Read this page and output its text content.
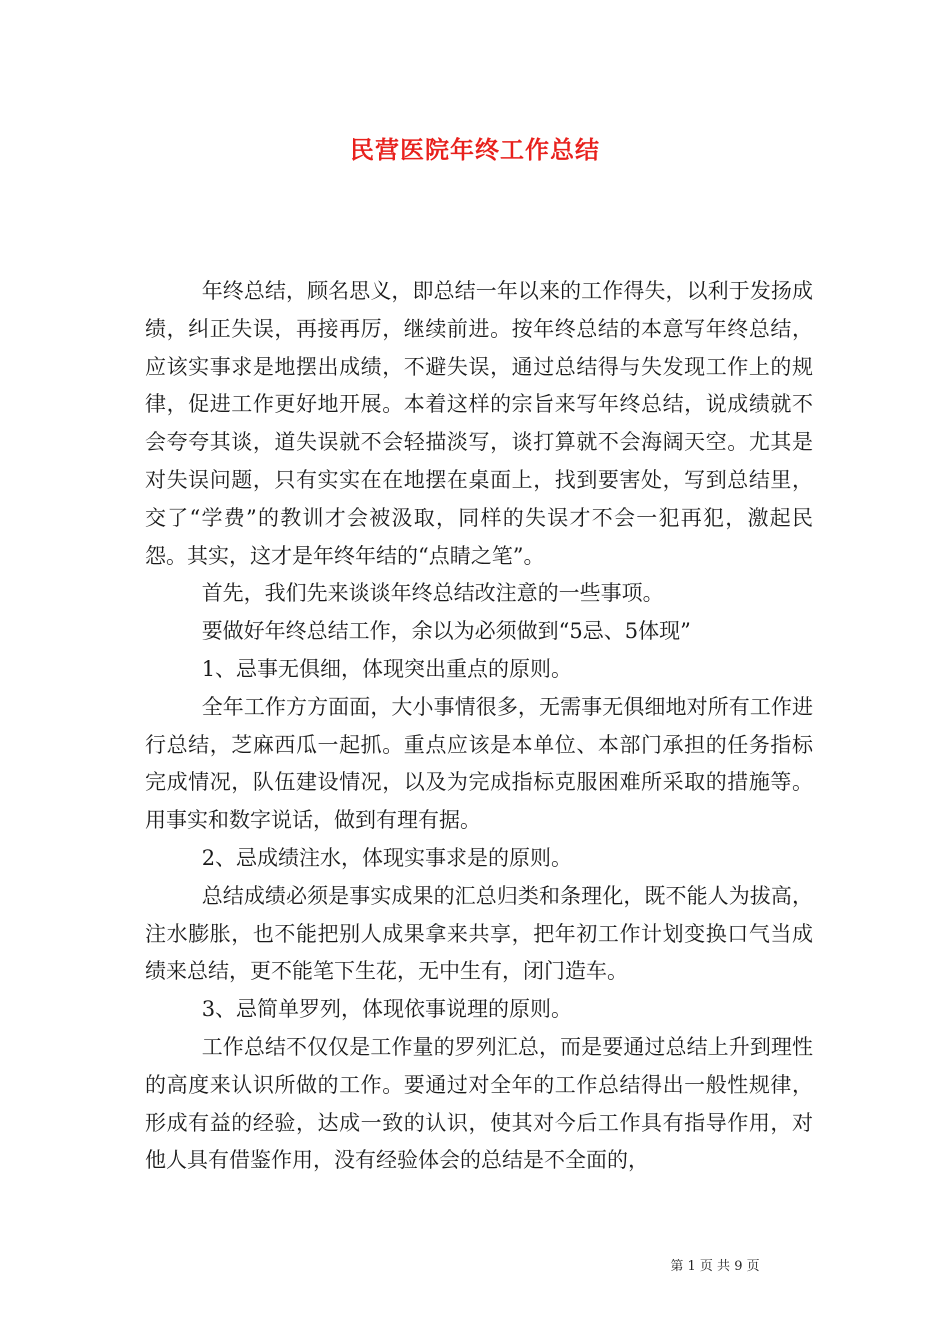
民营医院年终工作总结

年终总结，顾名思义，即总结一年以来的工作得失，以利于发扬成绩，纠正失误，再接再厉，继续前进。按年终总结的本意写年终总结，应该实事求是地摆出成绩，不避失误，通过总结得与失发现工作上的规律，促进工作更好地开展。本着这样的宗旨来写年终总结，说成绩就不会夸夸其谈，道失误就不会轻描淡写，谈打算就不会海阔天空。尤其是对失误问题，只有实实在在地摆在桌面上，找到要害处，写到总结里，交了“学费”的教训才会被汲取，同样的失误才不会一犯再犯，激起民怨。其实，这才是年终年结的“点睛之笔”。

首先，我们先来谈谈年终总结改注意的一些事项。

要做好年终总结工作，余以为必须做到“5忌、5体现”

1、忌事无俱细，体现突出重点的原则。

全年工作方方面面，大小事情很多，无需事无俱细地对所有工作进行总结，芝麻西瓜一起抓。重点应该是本单位、本部门承担的任务指标完成情况，队伍建设情况，以及为完成指标克服困难所采取的措施等。用事实和数字说话，做到有理有据。

2、忌成绩注水，体现实事求是的原则。

总结成绩必须是事实成果的汇总归类和条理化，既不能人为拔高，注水膨胀，也不能把别人成果拿来共享，把年初工作计划变换口气当成绩来总结，更不能笔下生花，无中生有，闭门造车。

3、忌简单罗列，体现依事说理的原则。

工作总结不仅仅是工作量的罗列汇总，而是要通过总结上升到理性的高度来认识所做的工作。要通过对全年的工作总结得出一般性规律，形成有益的经验，达成一致的认识，使其对今后工作具有指导作用，对他人具有借鉴作用，没有经验体会的总结是不全面的，

第 1 页 共 9 页
